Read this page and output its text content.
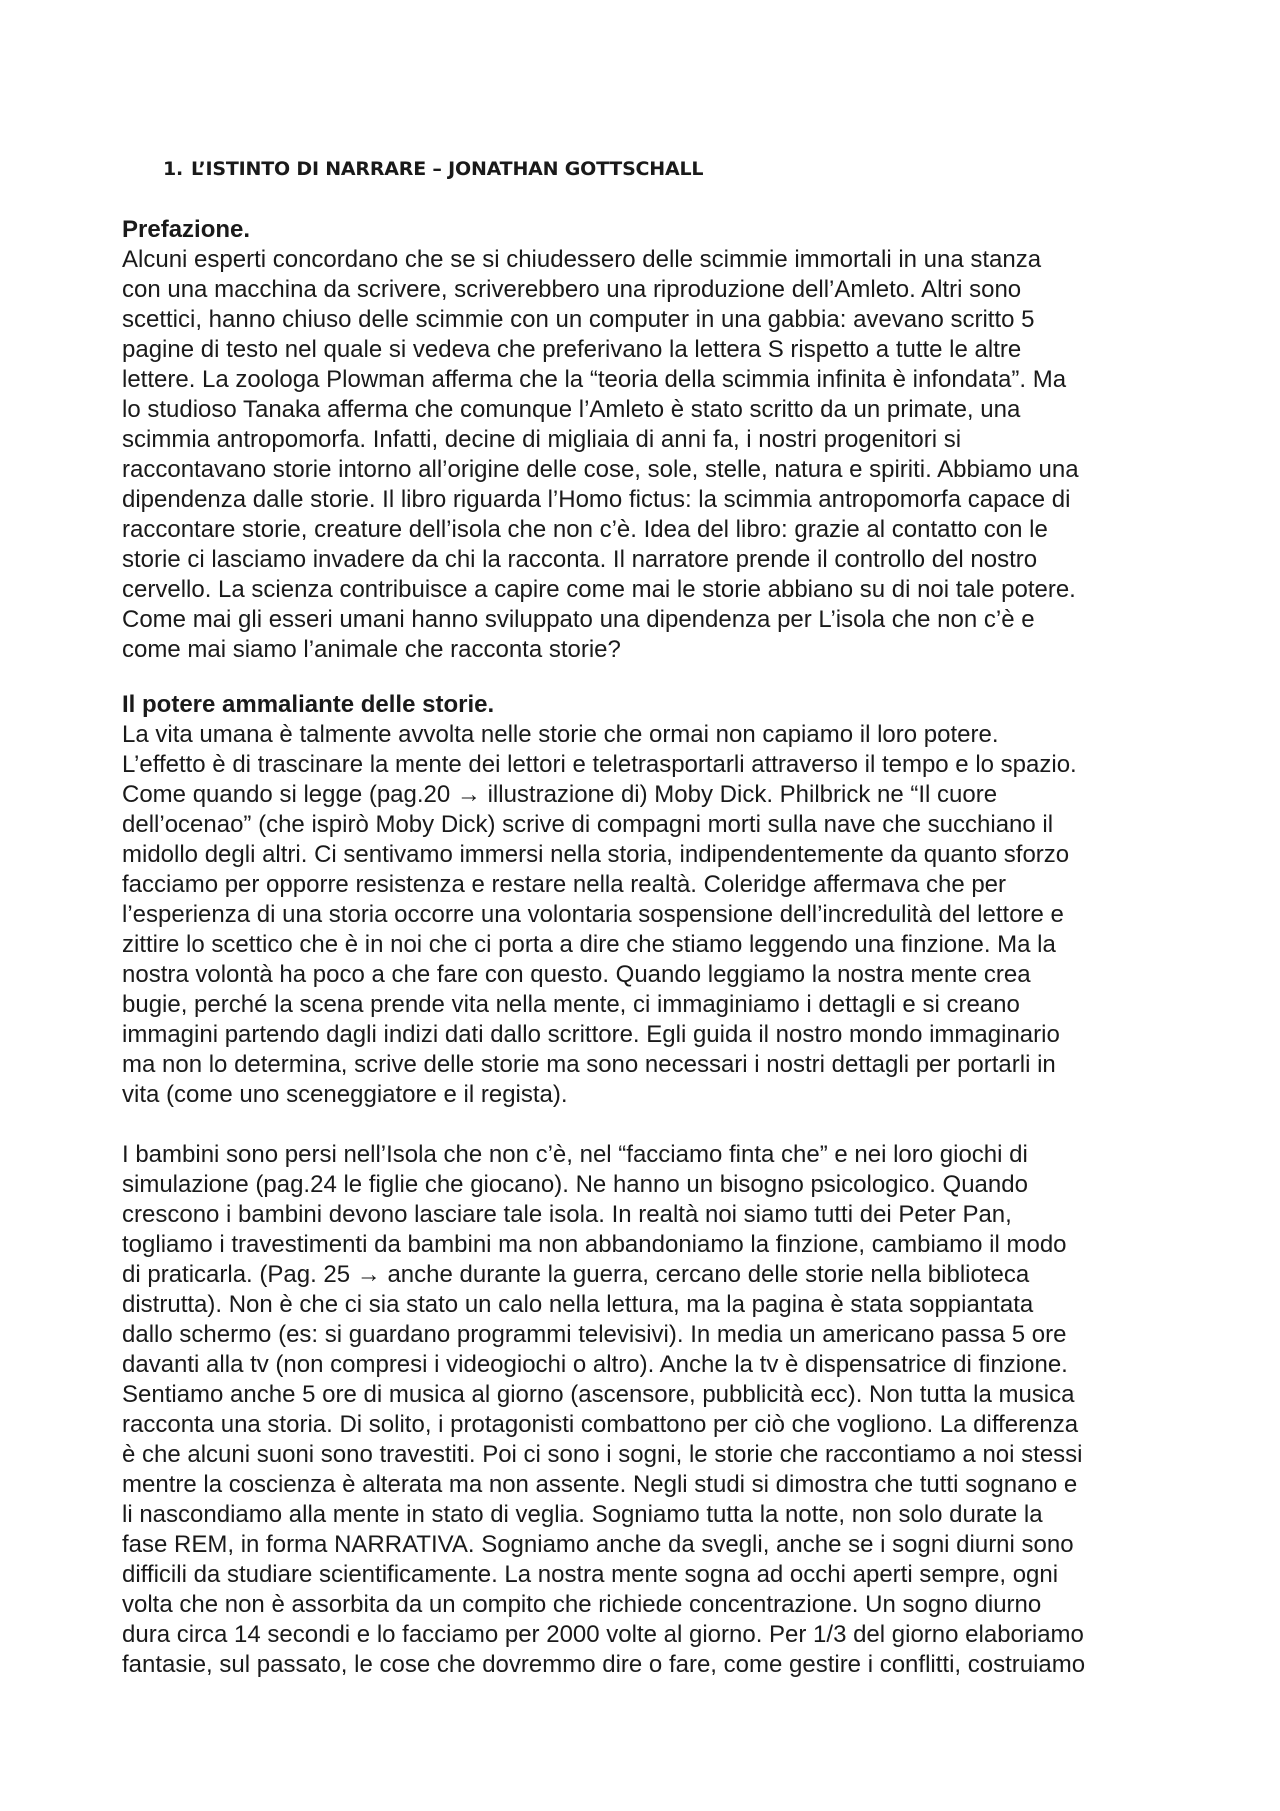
1. L’ISTINTO DI NARRARE – JONATHAN GOTTSCHALL
Prefazione.
Alcuni esperti concordano che se si chiudessero delle scimmie immortali in una stanza
con una macchina da scrivere, scriverebbero una riproduzione dell’Amleto. Altri sono
scettici, hanno chiuso delle scimmie con un computer in una gabbia: avevano scritto 5
pagine di testo nel quale si vedeva che preferivano la lettera S rispetto a tutte le altre
lettere. La zoologa Plowman afferma che la “teoria della scimmia infinita è infondata”. Ma
lo studioso Tanaka afferma che comunque l’Amleto è stato scritto da un primate, una
scimmia antropomorfa. Infatti, decine di migliaia di anni fa, i nostri progenitori si
raccontavano storie intorno all’origine delle cose, sole, stelle, natura e spiriti. Abbiamo una
dipendenza dalle storie. Il libro riguarda l’Homo fictus: la scimmia antropomorfa capace di
raccontare storie, creature dell’isola che non c’è. Idea del libro: grazie al contatto con le
storie ci lasciamo invadere da chi la racconta. Il narratore prende il controllo del nostro
cervello. La scienza contribuisce a capire come mai le storie abbiano su di noi tale potere.
Come mai gli esseri umani hanno sviluppato una dipendenza per L’isola che non c’è e
come mai siamo l’animale che racconta storie?
Il potere ammaliante delle storie.
La vita umana è talmente avvolta nelle storie che ormai non capiamo il loro potere.
L’effetto è di trascinare la mente dei lettori e teletrasportarli attraverso il tempo e lo spazio.
Come quando si legge (pag.20 → illustrazione di) Moby Dick. Philbrick ne “Il cuore
dell’ocenao” (che ispirò Moby Dick) scrive di compagni morti sulla nave che succhiano il
midollo degli altri. Ci sentivamo immersi nella storia, indipendentemente da quanto sforzo
facciamo per opporre resistenza e restare nella realtà. Coleridge affermava che per
l’esperienza di una storia occorre una volontaria sospensione dell’incredulità del lettore e
zittire lo scettico che è in noi che ci porta a dire che stiamo leggendo una finzione. Ma la
nostra volontà ha poco a che fare con questo. Quando leggiamo la nostra mente crea
bugie, perché la scena prende vita nella mente, ci immaginiamo i dettagli e si creano
immagini partendo dagli indizi dati dallo scrittore. Egli guida il nostro mondo immaginario
ma non lo determina, scrive delle storie ma sono necessari i nostri dettagli per portarli in
vita (come uno sceneggiatore e il regista).
I bambini sono persi nell’Isola che non c’è, nel “facciamo finta che” e nei loro giochi di
simulazione (pag.24 le figlie che giocano). Ne hanno un bisogno psicologico. Quando
crescono i bambini devono lasciare tale isola. In realtà noi siamo tutti dei Peter Pan,
togliamo i travestimenti da bambini ma non abbandoniamo la finzione, cambiamo il modo
di praticarla. (Pag. 25 → anche durante la guerra, cercano delle storie nella biblioteca
distrutta). Non è che ci sia stato un calo nella lettura, ma la pagina è stata soppiantata
dallo schermo (es: si guardano programmi televisivi). In media un americano passa 5 ore
davanti alla tv (non compresi i videogiochi o altro). Anche la tv è dispensatrice di finzione.
Sentiamo anche 5 ore di musica al giorno (ascensore, pubblicità ecc). Non tutta la musica
racconta una storia. Di solito, i protagonisti combattono per ciò che vogliono. La differenza
è che alcuni suoni sono travestiti. Poi ci sono i sogni, le storie che raccontiamo a noi stessi
mentre la coscienza è alterata ma non assente. Negli studi si dimostra che tutti sognano e
li nascondiamo alla mente in stato di veglia. Sogniamo tutta la notte, non solo durate la
fase REM, in forma NARRATIVA. Sogniamo anche da svegli, anche se i sogni diurni sono
difficili da studiare scientificamente. La nostra mente sogna ad occhi aperti sempre, ogni
volta che non è assorbita da un compito che richiede concentrazione. Un sogno diurno
dura circa 14 secondi e lo facciamo per 2000 volte al giorno. Per 1/3 del giorno elaboriamo
fantasie, sul passato, le cose che dovremmo dire o fare, come gestire i conflitti, costruiamo
